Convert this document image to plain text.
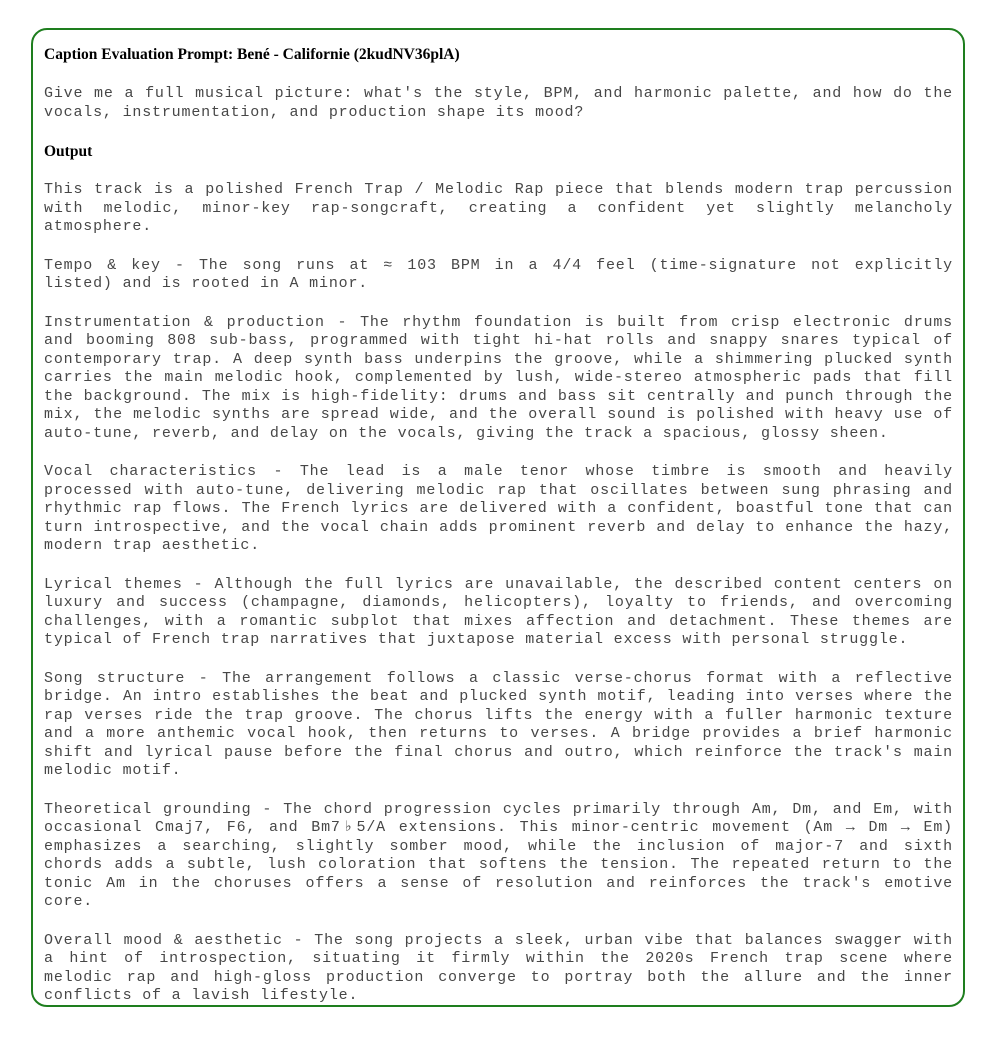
Caption Evaluation Prompt: Bené - Californie (2kudNV36plA)

Give me a full musical picture: what's the style, BPM, and harmonic palette, and how do the vocals, instrumentation, and production shape its mood?

Output

This track is a polished French Trap / Melodic Rap piece that blends modern trap percussion with melodic, minor-key rap-songcraft, creating a confident yet slightly melancholy atmosphere.

Tempo & key - The song runs at ≈ 103 BPM in a 4/4 feel (time-signature not explicitly listed) and is rooted in A minor.

Instrumentation & production - The rhythm foundation is built from crisp electronic drums and booming 808 sub-bass, programmed with tight hi-hat rolls and snappy snares typical of contemporary trap. A deep synth bass underpins the groove, while a shimmering plucked synth carries the main melodic hook, complemented by lush, wide-stereo atmospheric pads that fill the background. The mix is high-fidelity: drums and bass sit centrally and punch through the mix, the melodic synths are spread wide, and the overall sound is polished with heavy use of auto-tune, reverb, and delay on the vocals, giving the track a spacious, glossy sheen.

Vocal characteristics - The lead is a male tenor whose timbre is smooth and heavily processed with auto-tune, delivering melodic rap that oscillates between sung phrasing and rhythmic rap flows. The French lyrics are delivered with a confident, boastful tone that can turn introspective, and the vocal chain adds prominent reverb and delay to enhance the hazy, modern trap aesthetic.

Lyrical themes - Although the full lyrics are unavailable, the described content centers on luxury and success (champagne, diamonds, helicopters), loyalty to friends, and overcoming challenges, with a romantic subplot that mixes affection and detachment. These themes are typical of French trap narratives that juxtapose material excess with personal struggle.

Song structure - The arrangement follows a classic verse-chorus format with a reflective bridge. An intro establishes the beat and plucked synth motif, leading into verses where the rap verses ride the trap groove. The chorus lifts the energy with a fuller harmonic texture and a more anthemic vocal hook, then returns to verses. A bridge provides a brief harmonic shift and lyrical pause before the final chorus and outro, which reinforce the track's main melodic motif.

Theoretical grounding - The chord progression cycles primarily through Am, Dm, and Em, with occasional Cmaj7, F6, and Bm7♭5/A extensions. This minor-centric movement (Am → Dm → Em) emphasizes a searching, slightly somber mood, while the inclusion of major-7 and sixth chords adds a subtle, lush coloration that softens the tension. The repeated return to the tonic Am in the choruses offers a sense of resolution and reinforces the track's emotive core.

Overall mood & aesthetic - The song projects a sleek, urban vibe that balances swagger with a hint of introspection, situating it firmly within the 2020s French trap scene where melodic rap and high-gloss production converge to portray both the allure and the inner conflicts of a lavish lifestyle.
